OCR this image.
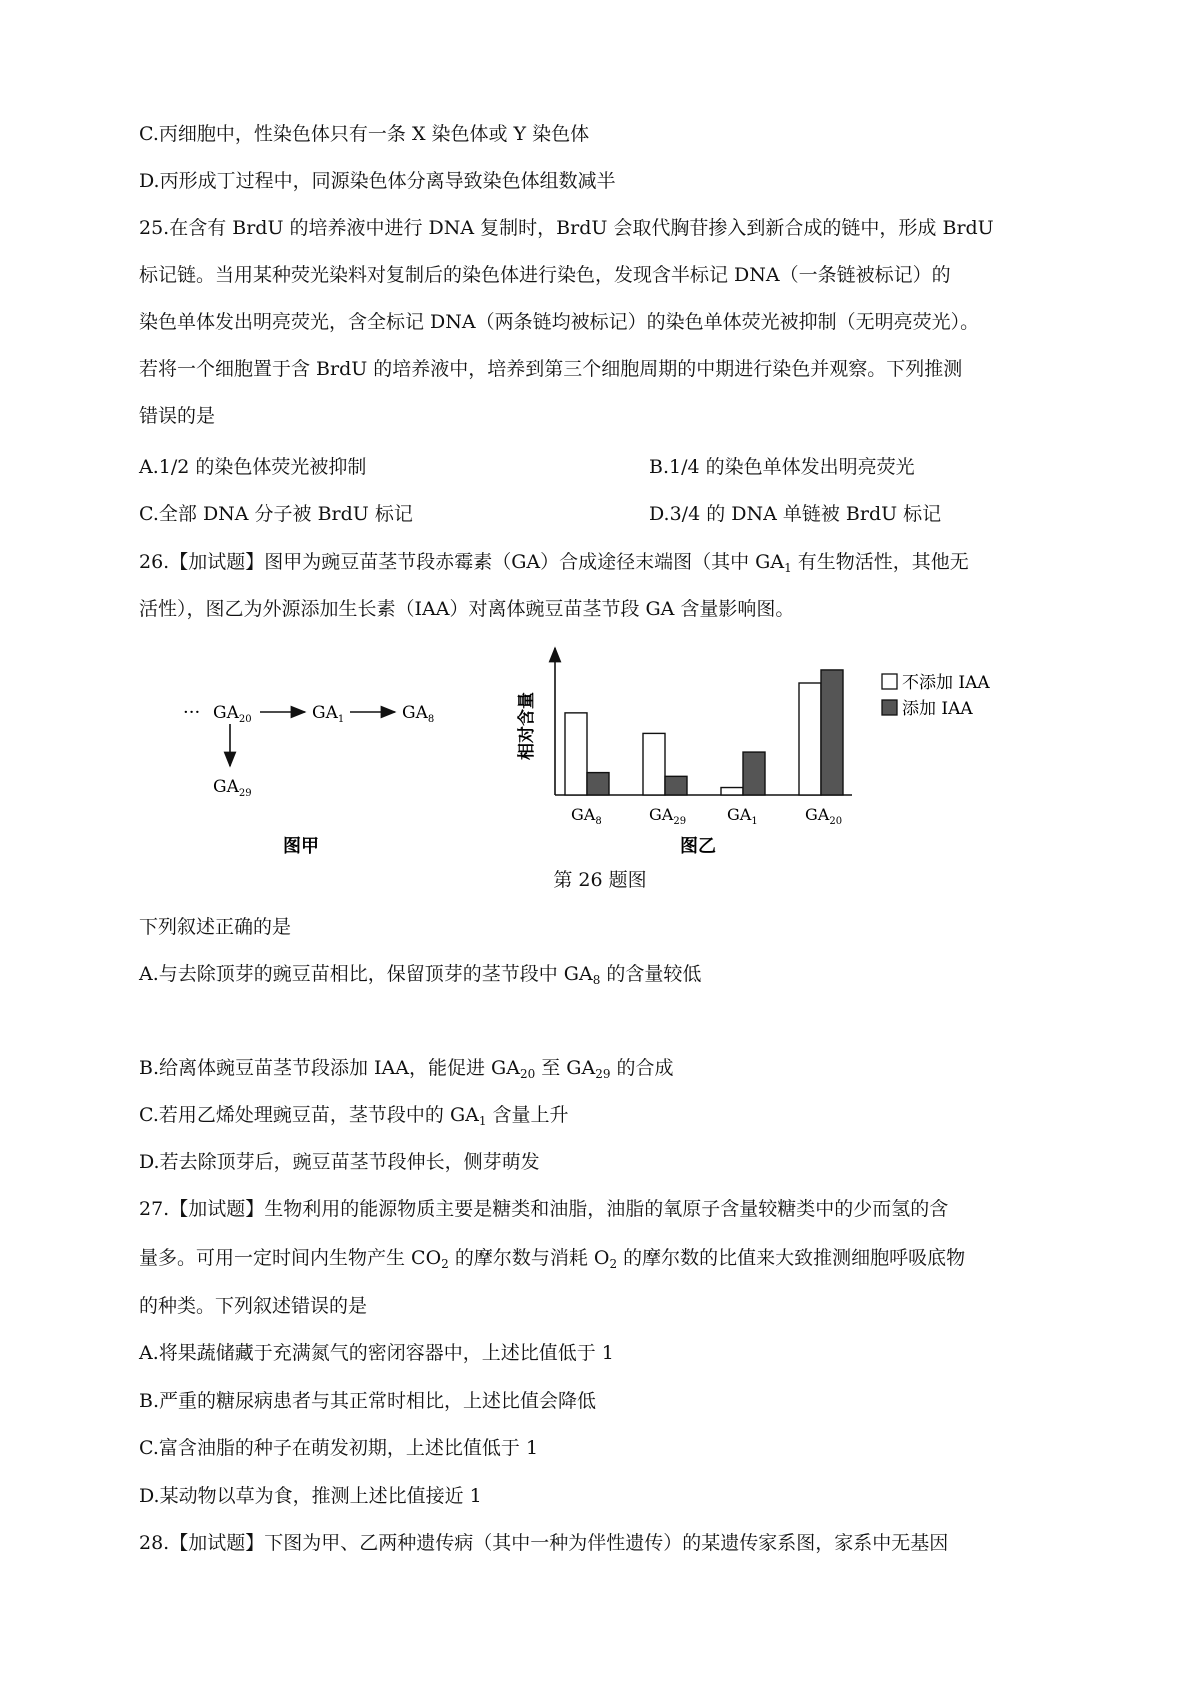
C.丙细胞中，性染色体只有一条 X 染色体或 Y 染色体
D.丙形成丁过程中，同源染色体分离导致染色体组数减半
25.在含有 BrdU 的培养液中进行 DNA 复制时，BrdU 会取代胸苷掺入到新合成的链中，形成 BrdU
标记链。当用某种荧光染料对复制后的染色体进行染色，发现含半标记 DNA（一条链被标记）的
染色单体发出明亮荧光，含全标记 DNA（两条链均被标记）的染色单体荧光被抑制（无明亮荧光）。
若将一个细胞置于含 BrdU 的培养液中，培养到第三个细胞周期的中期进行染色并观察。下列推测
错误的是
A.1/2 的染色体荧光被抑制	B.1/4 的染色单体发出明亮荧光
C.全部 DNA 分子被 BrdU 标记	D.3/4 的 DNA 单链被 BrdU 标记
26.【加试题】图甲为豌豆苗茎节段赤霉素（GA）合成途径末端图（其中 $GA_1$ 有生物活性，其他无
活性），图乙为外源添加生长素（IAA）对离体豌豆苗茎节段 GA 含量影响图。
··· $GA_{20}$	$GA_1$	$GA_8$
$GA_{29}$
图甲
相对含量
$GA_8$	$GA_{29}$	$GA_1$	$GA_{20}$
不添加 IAA
添加 IAA
图乙
第 26 题图
下列叙述正确的是
A.与去除顶芽的豌豆苗相比，保留顶芽的茎节段中 $GA_8$ 的含量较低
B.给离体豌豆苗茎节段添加 IAA，能促进 $GA_{20}$ 至 $GA_{29}$ 的合成
C.若用乙烯处理豌豆苗，茎节段中的 $GA_1$ 含量上升
D.若去除顶芽后，豌豆苗茎节段伸长，侧芽萌发
27.【加试题】生物利用的能源物质主要是糖类和油脂，油脂的氧原子含量较糖类中的少而氢的含
量多。可用一定时间内生物产生 $CO_2$ 的摩尔数与消耗 $O_2$ 的摩尔数的比值来大致推测细胞呼吸底物
的种类。下列叙述错误的是
A.将果蔬储藏于充满氮气的密闭容器中，上述比值低于 1
B.严重的糖尿病患者与其正常时相比，上述比值会降低
C.富含油脂的种子在萌发初期，上述比值低于 1
D.某动物以草为食，推测上述比值接近 1
28.【加试题】下图为甲、乙两种遗传病（其中一种为伴性遗传）的某遗传家系图，家系中无基因
